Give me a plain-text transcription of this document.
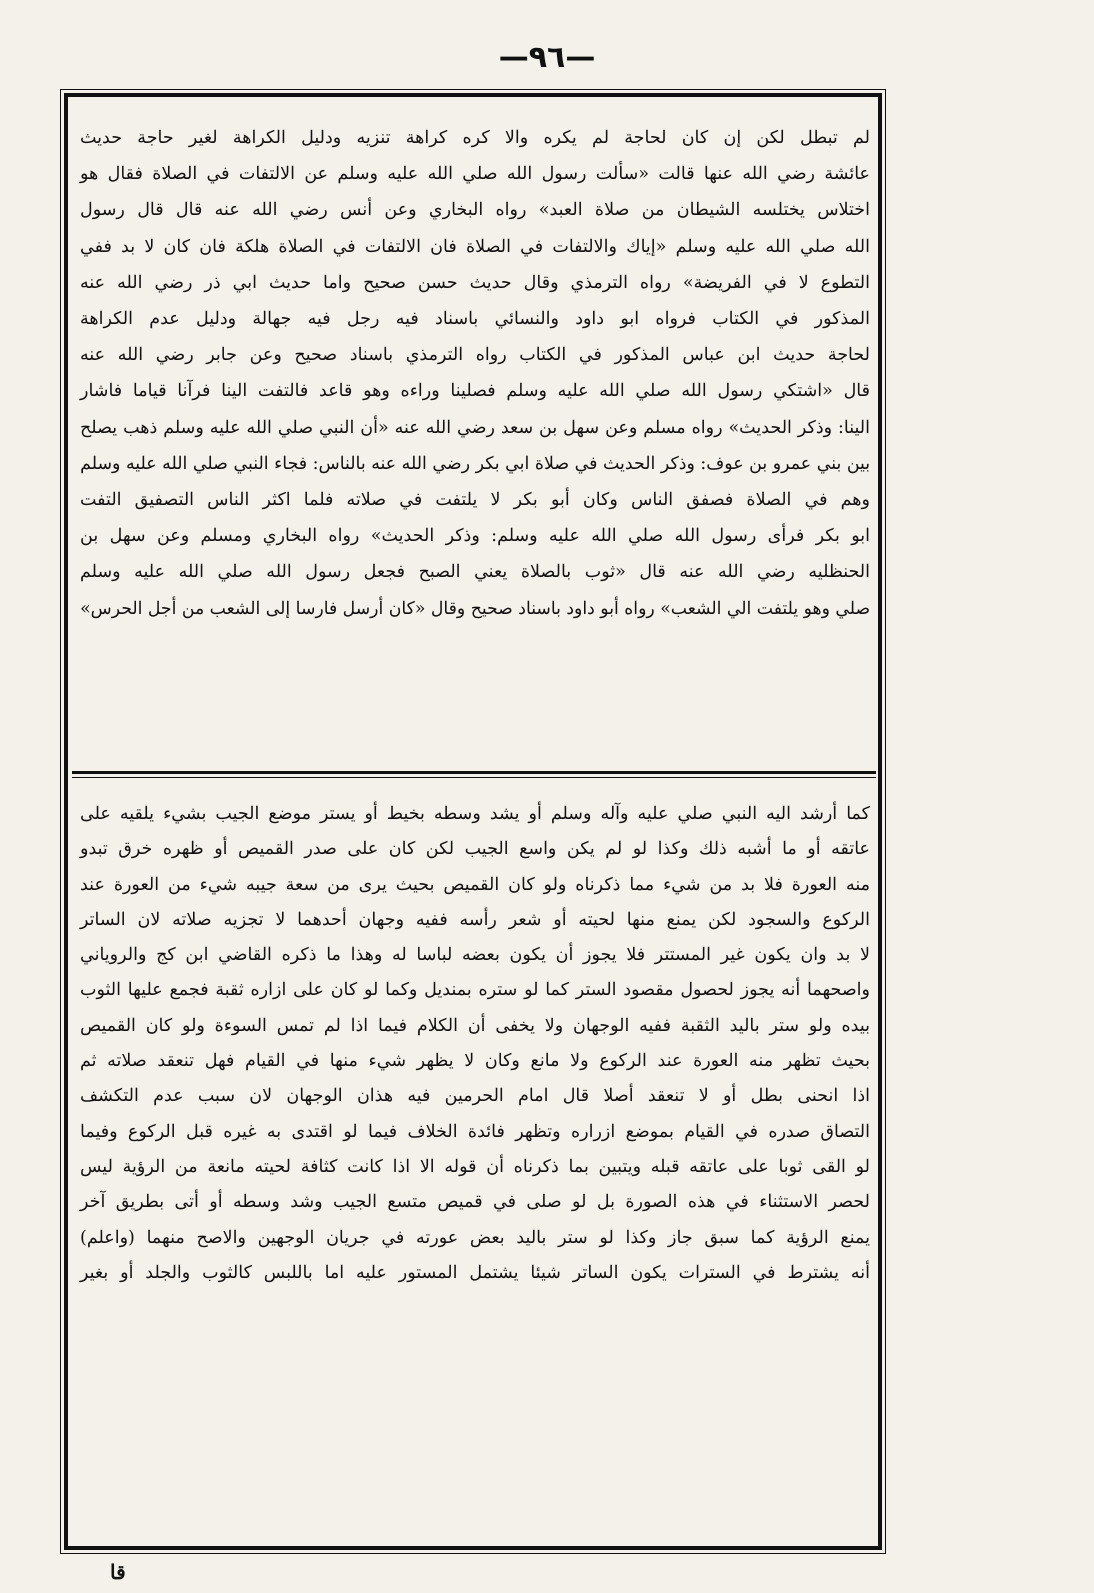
—٩٦—

لم تبطل لكن إن كان لحاجة لم يكره والا كره كراهة تنزيه ودليل الكراهة لغير حاجة حديث

عائشة رضي الله عنها قالت «سألت رسول الله صلي الله عليه وسلم عن الالتفات في الصلاة فقال هو

اختلاس يختلسه الشيطان من صلاة العبد» رواه البخاري وعن أنس رضي الله عنه قال قال رسول

الله صلي الله عليه وسلم «إياك والالتفات في الصلاة فان الالتفات في الصلاة هلكة فان كان لا بد ففي

التطوع لا في الفريضة» رواه الترمذي وقال حديث حسن صحيح واما حديث ابي ذر رضي الله عنه

المذكور في الكتاب فرواه ابو داود والنسائي باسناد فيه رجل فيه جهالة ودليل عدم الكراهة

لحاجة حديث ابن عباس المذكور في الكتاب رواه الترمذي باسناد صحيح وعن جابر رضي الله عنه

قال «اشتكي رسول الله صلي الله عليه وسلم فصلينا وراءه وهو قاعد فالتفت الينا فرآنا قياما فاشار

الينا: وذكر الحديث» رواه مسلم وعن سهل بن سعد رضي الله عنه «أن النبي صلي الله عليه وسلم ذهب يصلح

بين بني عمرو بن عوف: وذكر الحديث في صلاة ابي بكر رضي الله عنه بالناس: فجاء النبي صلي الله عليه وسلم

وهم في الصلاة فصفق الناس وكان أبو بكر لا يلتفت في صلاته فلما اكثر الناس التصفيق التفت

ابو بكر فرأى رسول الله صلي الله عليه وسلم: وذكر الحديث» رواه البخاري ومسلم وعن سهل بن

الحنظليه رضي الله عنه قال «ثوب بالصلاة يعني الصبح فجعل رسول الله صلي الله عليه وسلم

صلي وهو يلتفت الي الشعب» رواه أبو داود باسناد صحيح وقال «كان أرسل فارسا إلى الشعب من أجل الحرس»

كما أرشد اليه النبي صلي عليه وآله وسلم أو يشد وسطه بخيط أو يستر موضع الجيب بشيء يلقيه على

عاتقه أو ما أشبه ذلك وكذا لو لم يكن واسع الجيب لكن كان على صدر القميص أو ظهره خرق تبدو

منه العورة فلا بد من شيء مما ذكرناه ولو كان القميص بحيث يرى من سعة جيبه شيء من العورة عند

الركوع والسجود لكن يمنع منها لحيته أو شعر رأسه ففيه وجهان أحدهما لا تجزيه صلاته لان الساتر

لا بد وان يكون غير المستتر فلا يجوز أن يكون بعضه لباسا له وهذا ما ذكره القاضي ابن كج والروياني

واصحهما أنه يجوز لحصول مقصود الستر كما لو ستره بمنديل وكما لو كان على ازاره ثقبة فجمع عليها الثوب

بيده ولو ستر باليد الثقبة ففيه الوجهان ولا يخفى أن الكلام فيما اذا لم تمس السوءة ولو كان القميص

بحيث تظهر منه العورة عند الركوع ولا مانع وكان لا يظهر شيء منها في القيام فهل تنعقد صلاته ثم

اذا انحنى بطل أو لا تنعقد أصلا قال امام الحرمين فيه هذان الوجهان لان سبب عدم التكشف

التصاق صدره في القيام بموضع ازراره وتظهر فائدة الخلاف فيما لو اقتدى به غيره قبل الركوع وفيما

لو القى ثوبا على عاتقه قبله ويتبين بما ذكرناه أن قوله الا اذا كانت كثافة لحيته مانعة من الرؤية ليس

لحصر الاستثناء في هذه الصورة بل لو صلى في قميص متسع الجيب وشد وسطه أو أتى بطريق آخر

يمنع الرؤية كما سبق جاز وكذا لو ستر باليد بعض عورته في جريان الوجهين والاصح منهما (واعلم)

أنه يشترط في السترات يكون الساتر شيئا يشتمل المستور عليه اما باللبس كالثوب والجلد أو بغير

قا
